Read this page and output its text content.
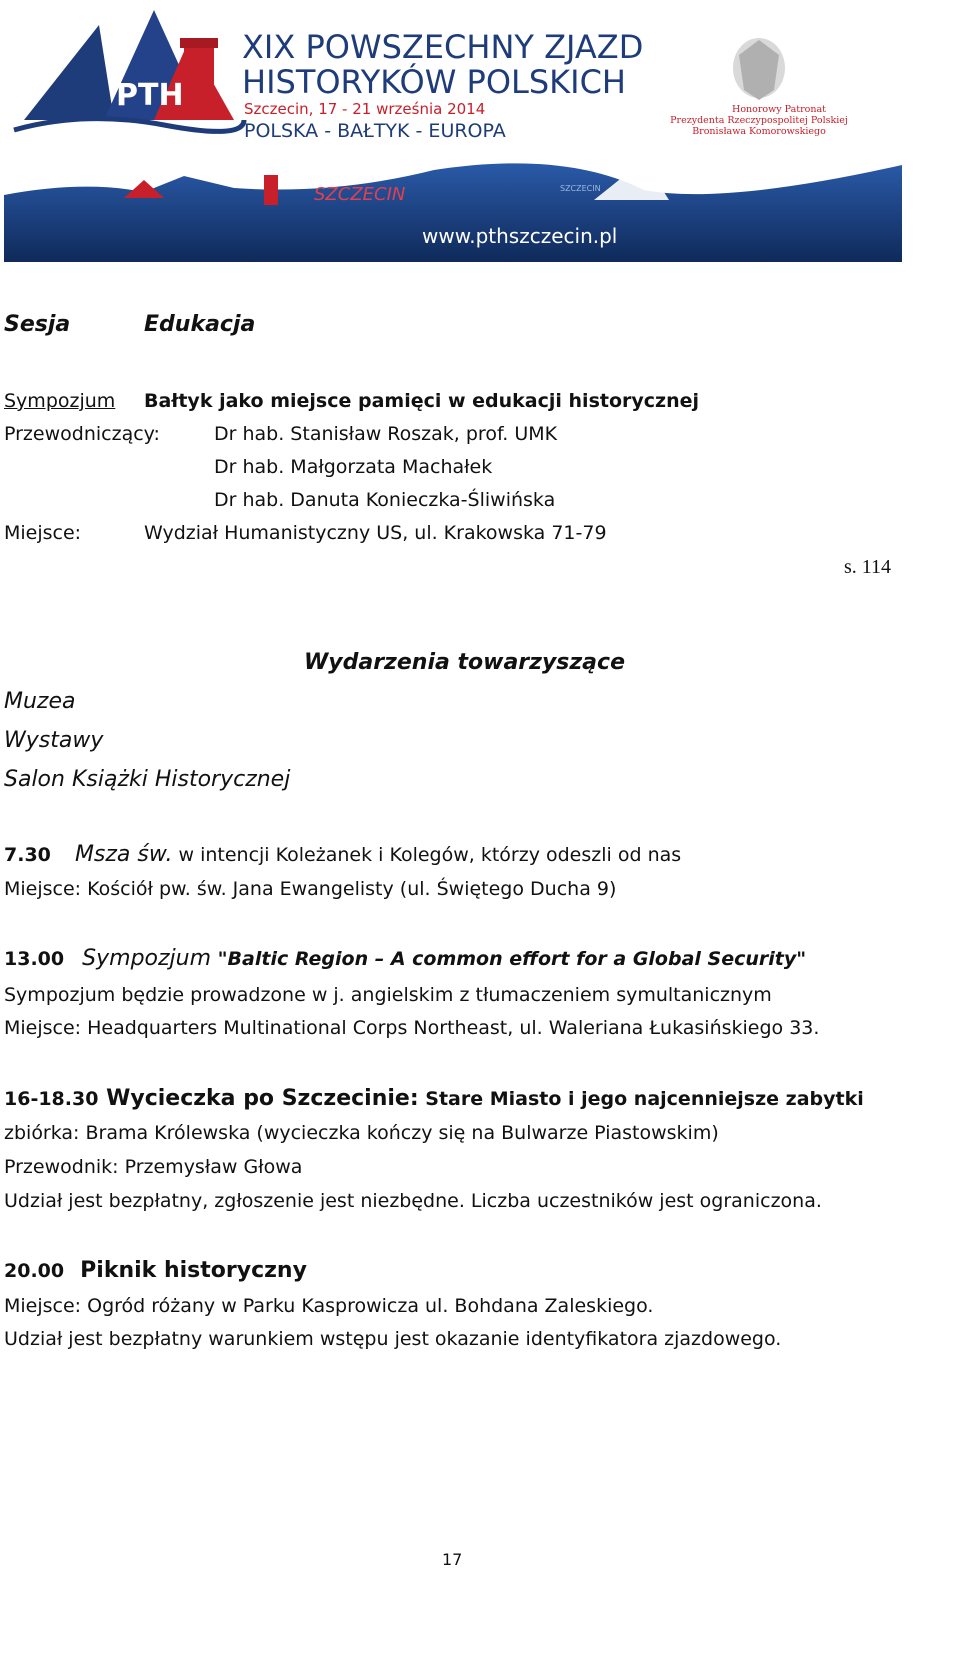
PTH
XIX POWSZECHNY ZJAZD
HISTORYKÓW POLSKICH
Szczecin, 17 - 21 września 2014
POLSKA - BAŁTYK - EUROPA
Honorowy Patronat
Prezydenta Rzeczypospolitej Polskiej
Bronisława Komorowskiego
SZCZECIN	SZCZECIN
www.pthszczecin.pl
Sesja	Edukacja
Sympozjum Bałtyk jako miejsce pamięci w edukacji historycznej
Przewodniczący:	Dr hab. Stanisław Roszak, prof. UMK
Dr hab. Małgorzata Machałek
Dr hab. Danuta Konieczka-Śliwińska
Miejsce:	Wydział Humanistyczny US, ul. Krakowska 71-79
s. 114
Wydarzenia towarzyszące
Muzea
Wystawy
Salon Książki Historycznej
7.30 Msza św. w intencji Koleżanek i Kolegów, którzy odeszli od nas
Miejsce: Kościół pw. św. Jana Ewangelisty (ul. Świętego Ducha 9)
13.00 Sympozjum "Baltic Region – A common effort for a Global Security"
Sympozjum będzie prowadzone w j. angielskim z tłumaczeniem symultanicznym
Miejsce: Headquarters Multinational Corps Northeast, ul. Waleriana Łukasińskiego 33.
16-18.30 Wycieczka po Szczecinie: Stare Miasto i jego najcenniejsze zabytki
zbiórka: Brama Królewska (wycieczka kończy się na Bulwarze Piastowskim)
Przewodnik: Przemysław Głowa
Udział jest bezpłatny, zgłoszenie jest niezbędne. Liczba uczestników jest ograniczona.
20.00 Piknik historyczny
Miejsce: Ogród różany w Parku Kasprowicza ul. Bohdana Zaleskiego.
Udział jest bezpłatny warunkiem wstępu jest okazanie identyfikatora zjazdowego.
17
